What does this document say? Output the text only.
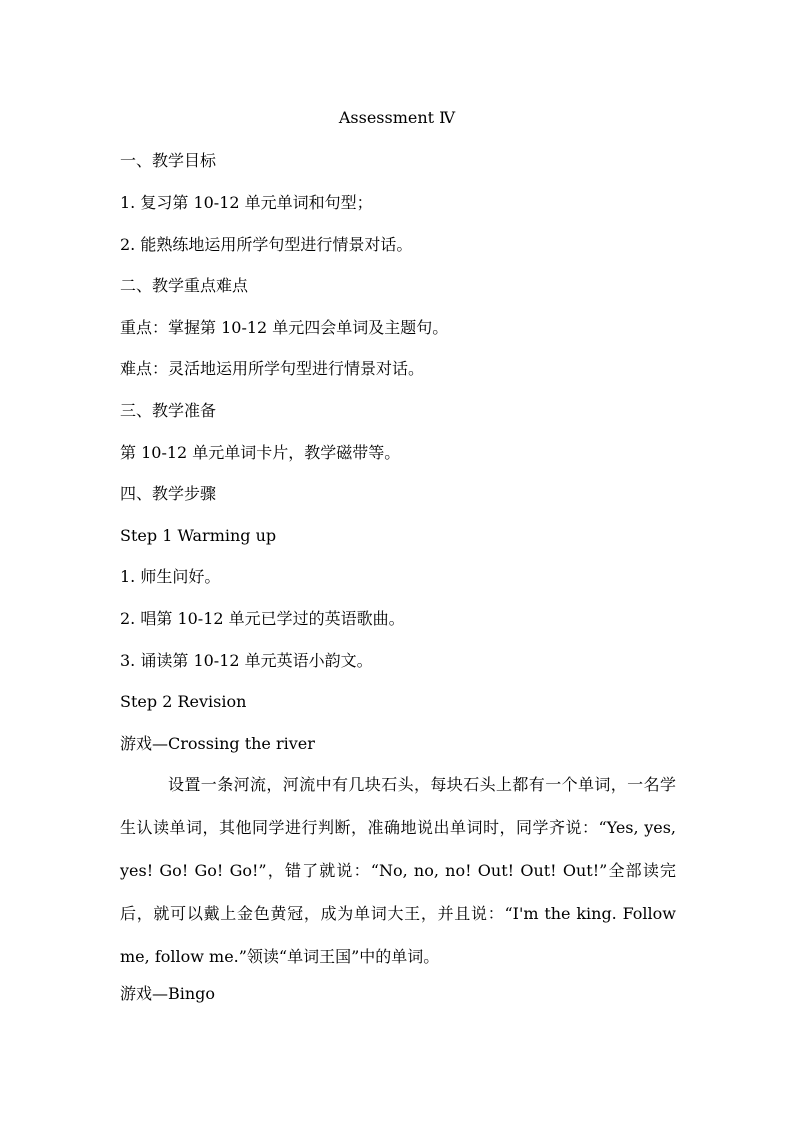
Assessment Ⅳ
一、教学目标
1. 复习第 10-12 单元单词和句型；
2. 能熟练地运用所学句型进行情景对话。
二、教学重点难点
重点：掌握第 10-12 单元四会单词及主题句。
难点：灵活地运用所学句型进行情景对话。
三、教学准备
第 10-12 单元单词卡片，教学磁带等。
四、教学步骤
Step 1 Warming up
1. 师生问好。
2. 唱第 10-12 单元已学过的英语歌曲。
3. 诵读第 10-12 单元英语小韵文。
Step 2 Revision
游戏—Crossing the river
设置一条河流，河流中有几块石头，每块石头上都有一个单词，一名学生认读单词，其他同学进行判断，准确地说出单词时，同学齐说：“Yes, yes, yes! Go! Go! Go!”，错了就说：“No, no, no! Out! Out! Out!”全部读完后，就可以戴上金色黄冠，成为单词大王，并且说：“I'm the king. Follow me, follow me.”领读“单词王国”中的单词。
游戏—Bingo
